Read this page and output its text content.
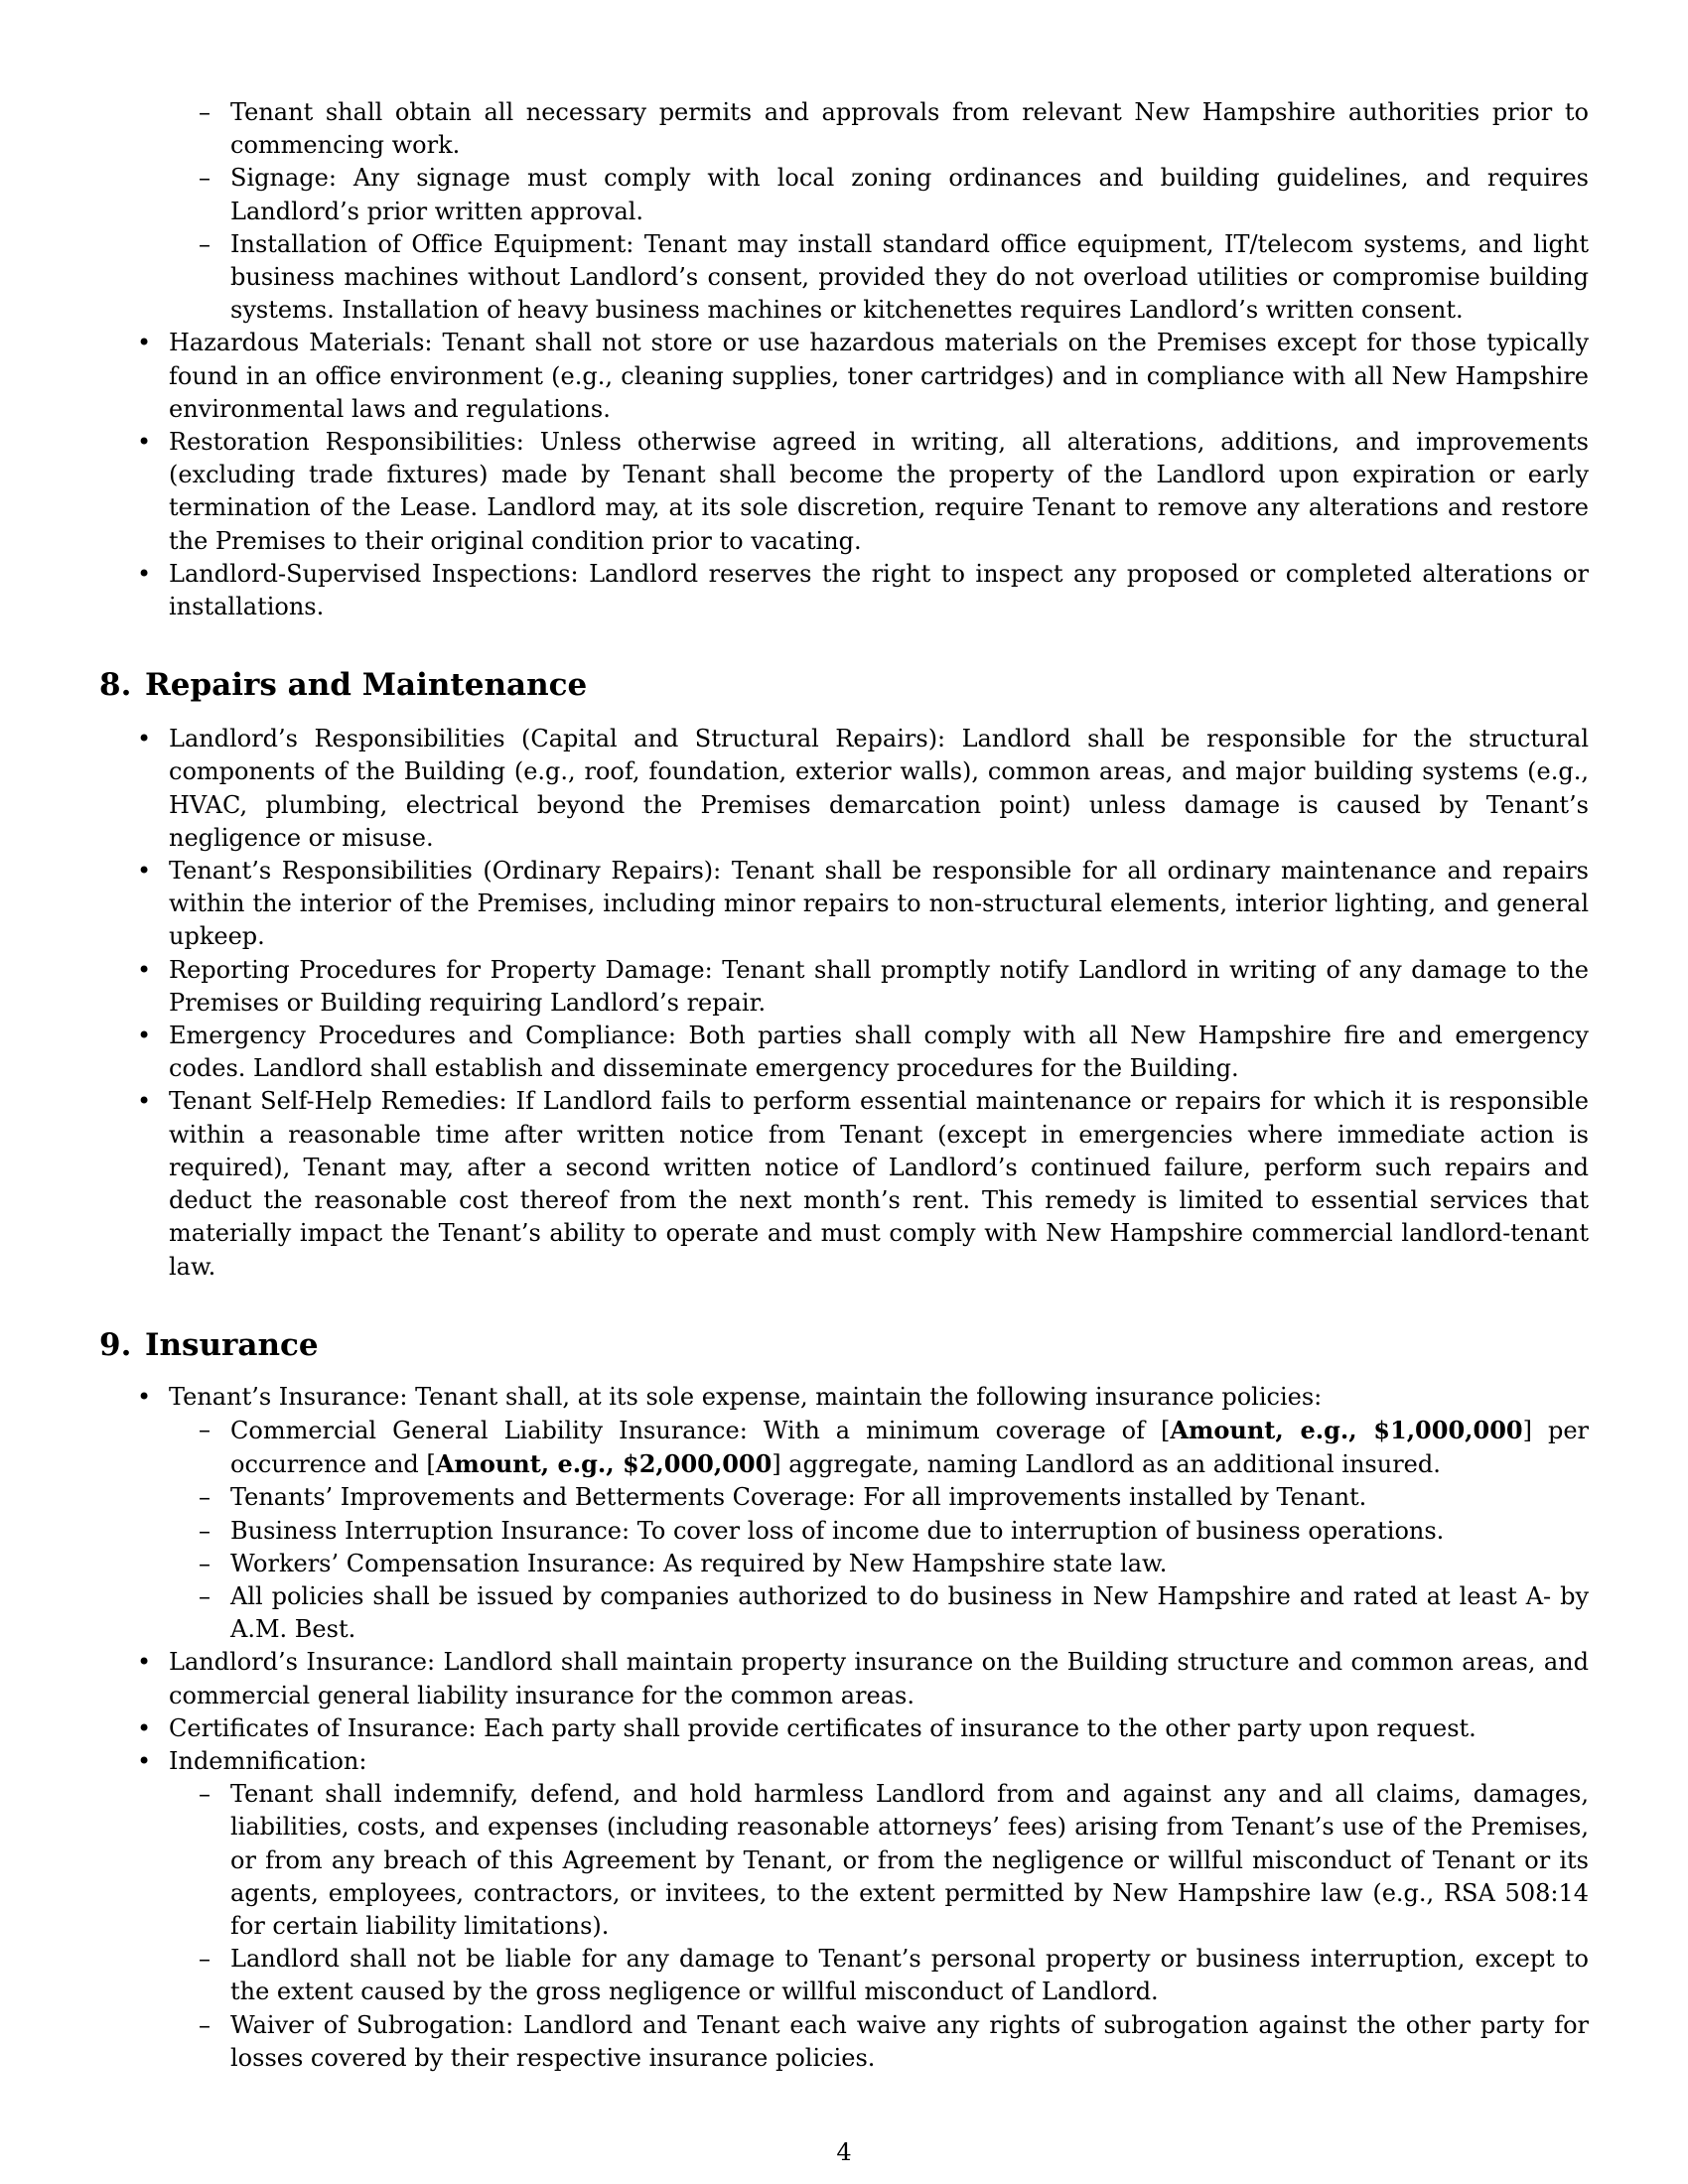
– Tenant shall obtain all necessary permits and approvals from relevant New Hampshire authorities prior to commencing work.
– Signage: Any signage must comply with local zoning ordinances and building guidelines, and requires Landlord’s prior written approval.
– Installation of Office Equipment: Tenant may install standard office equipment, IT/telecom systems, and light business machines without Landlord’s consent, provided they do not overload utilities or compromise building systems. Installation of heavy business machines or kitchenettes requires Landlord’s written consent.
• Hazardous Materials: Tenant shall not store or use hazardous materials on the Premises except for those typically found in an office environment (e.g., cleaning supplies, toner cartridges) and in compliance with all New Hampshire environmental laws and regulations.
• Restoration Responsibilities: Unless otherwise agreed in writing, all alterations, additions, and improvements (excluding trade fixtures) made by Tenant shall become the property of the Landlord upon expiration or early termination of the Lease. Landlord may, at its sole discretion, require Tenant to remove any alterations and restore the Premises to their original condition prior to vacating.
• Landlord-Supervised Inspections: Landlord reserves the right to inspect any proposed or completed alterations or installations.
8. Repairs and Maintenance
• Landlord’s Responsibilities (Capital and Structural Repairs): Landlord shall be responsible for the structural components of the Building (e.g., roof, foundation, exterior walls), common areas, and major building systems (e.g., HVAC, plumbing, electrical beyond the Premises demarcation point) unless damage is caused by Tenant’s negligence or misuse.
• Tenant’s Responsibilities (Ordinary Repairs): Tenant shall be responsible for all ordinary maintenance and repairs within the interior of the Premises, including minor repairs to non-structural elements, interior lighting, and general upkeep.
• Reporting Procedures for Property Damage: Tenant shall promptly notify Landlord in writing of any damage to the Premises or Building requiring Landlord’s repair.
• Emergency Procedures and Compliance: Both parties shall comply with all New Hampshire fire and emergency codes. Landlord shall establish and disseminate emergency procedures for the Building.
• Tenant Self-Help Remedies: If Landlord fails to perform essential maintenance or repairs for which it is responsible within a reasonable time after written notice from Tenant (except in emergencies where immediate action is required), Tenant may, after a second written notice of Landlord’s continued failure, perform such repairs and deduct the reasonable cost thereof from the next month’s rent. This remedy is limited to essential services that materially impact the Tenant’s ability to operate and must comply with New Hampshire commercial landlord-tenant law.
9. Insurance
• Tenant’s Insurance: Tenant shall, at its sole expense, maintain the following insurance policies:
– Commercial General Liability Insurance: With a minimum coverage of [Amount, e.g., $1,000,000] per occurrence and [Amount, e.g., $2,000,000] aggregate, naming Landlord as an additional insured.
– Tenants’ Improvements and Betterments Coverage: For all improvements installed by Tenant.
– Business Interruption Insurance: To cover loss of income due to interruption of business operations.
– Workers’ Compensation Insurance: As required by New Hampshire state law.
– All policies shall be issued by companies authorized to do business in New Hampshire and rated at least A- by A.M. Best.
• Landlord’s Insurance: Landlord shall maintain property insurance on the Building structure and common areas, and commercial general liability insurance for the common areas.
• Certificates of Insurance: Each party shall provide certificates of insurance to the other party upon request.
• Indemnification:
– Tenant shall indemnify, defend, and hold harmless Landlord from and against any and all claims, damages, liabilities, costs, and expenses (including reasonable attorneys’ fees) arising from Tenant’s use of the Premises, or from any breach of this Agreement by Tenant, or from the negligence or willful misconduct of Tenant or its agents, employees, contractors, or invitees, to the extent permitted by New Hampshire law (e.g., RSA 508:14 for certain liability limitations).
– Landlord shall not be liable for any damage to Tenant’s personal property or business interruption, except to the extent caused by the gross negligence or willful misconduct of Landlord.
– Waiver of Subrogation: Landlord and Tenant each waive any rights of subrogation against the other party for losses covered by their respective insurance policies.
4
